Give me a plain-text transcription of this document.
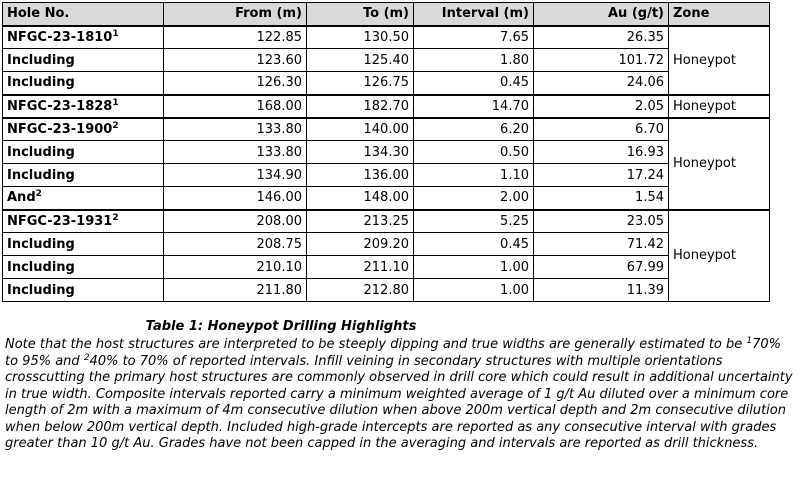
Hole No.	From (m)	To (m)	Interval (m)	Au (g/t)	Zone
NFGC-23-1810$^1$	122.85	130.50	7.65	26.35	Honeypot
Including	123.60	125.40	1.80	101.72	
Including	126.30	126.75	0.45	24.06	
NFGC-23-1828$^1$	168.00	182.70	14.70	2.05	Honeypot
NFGC-23-1900$^2$	133.80	140.00	6.20	6.70	Honeypot
Including	133.80	134.30	0.50	16.93	
Including	134.90	136.00	1.10	17.24	
And$^2$	146.00	148.00	2.00	1.54	
NFGC-23-1931$^2$	208.00	213.25	5.25	23.05	Honeypot
Including	208.75	209.20	0.45	71.42	
Including	210.10	211.10	1.00	67.99	
Including	211.80	212.80	1.00	11.39	
Table 1: Honeypot Drilling Highlights
Note that the host structures are interpreted to be steeply dipping and true widths are generally estimated to be $^1$70% to 95% and $^2$40% to 70% of reported intervals. Infill veining in secondary structures with multiple orientations crosscutting the primary host structures are commonly observed in drill core which could result in additional uncertainty in true width. Composite intervals reported carry a minimum weighted average of 1 g/t Au diluted over a minimum core length of 2m with a maximum of 4m consecutive dilution when above 200m vertical depth and 2m consecutive dilution when below 200m vertical depth. Included high-grade intercepts are reported as any consecutive interval with grades greater than 10 g/t Au. Grades have not been capped in the averaging and intervals are reported as drill thickness.
